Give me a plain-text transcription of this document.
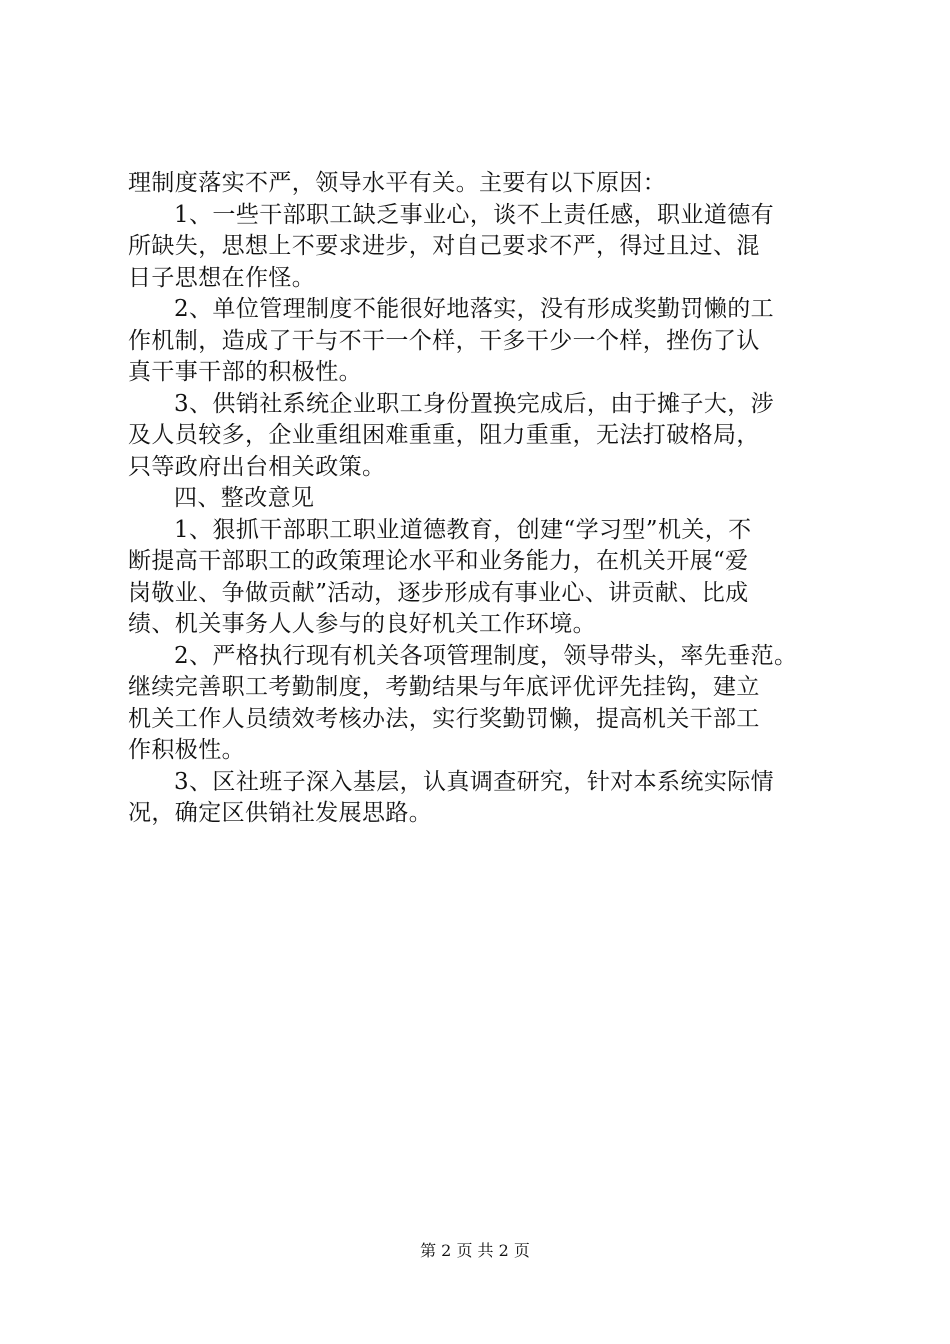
理制度落实不严，领导水平有关。主要有以下原因：
1、一些干部职工缺乏事业心，谈不上责任感，职业道德有
所缺失，思想上不要求进步，对自己要求不严，得过且过、混
日子思想在作怪。
2、单位管理制度不能很好地落实，没有形成奖勤罚懒的工
作机制，造成了干与不干一个样，干多干少一个样，挫伤了认
真干事干部的积极性。
3、供销社系统企业职工身份置换完成后，由于摊子大，涉
及人员较多，企业重组困难重重，阻力重重，无法打破格局，
只等政府出台相关政策。
四、整改意见
1、狠抓干部职工职业道德教育，创建“学习型”机关，不
断提高干部职工的政策理论水平和业务能力，在机关开展“爱
岗敬业、争做贡献”活动，逐步形成有事业心、讲贡献、比成
绩、机关事务人人参与的良好机关工作环境。
2、严格执行现有机关各项管理制度，领导带头，率先垂范。
继续完善职工考勤制度，考勤结果与年底评优评先挂钩，建立
机关工作人员绩效考核办法，实行奖勤罚懒，提高机关干部工
作积极性。
3、区社班子深入基层，认真调查研究，针对本系统实际情
况，确定区供销社发展思路。
第 2 页 共 2 页
